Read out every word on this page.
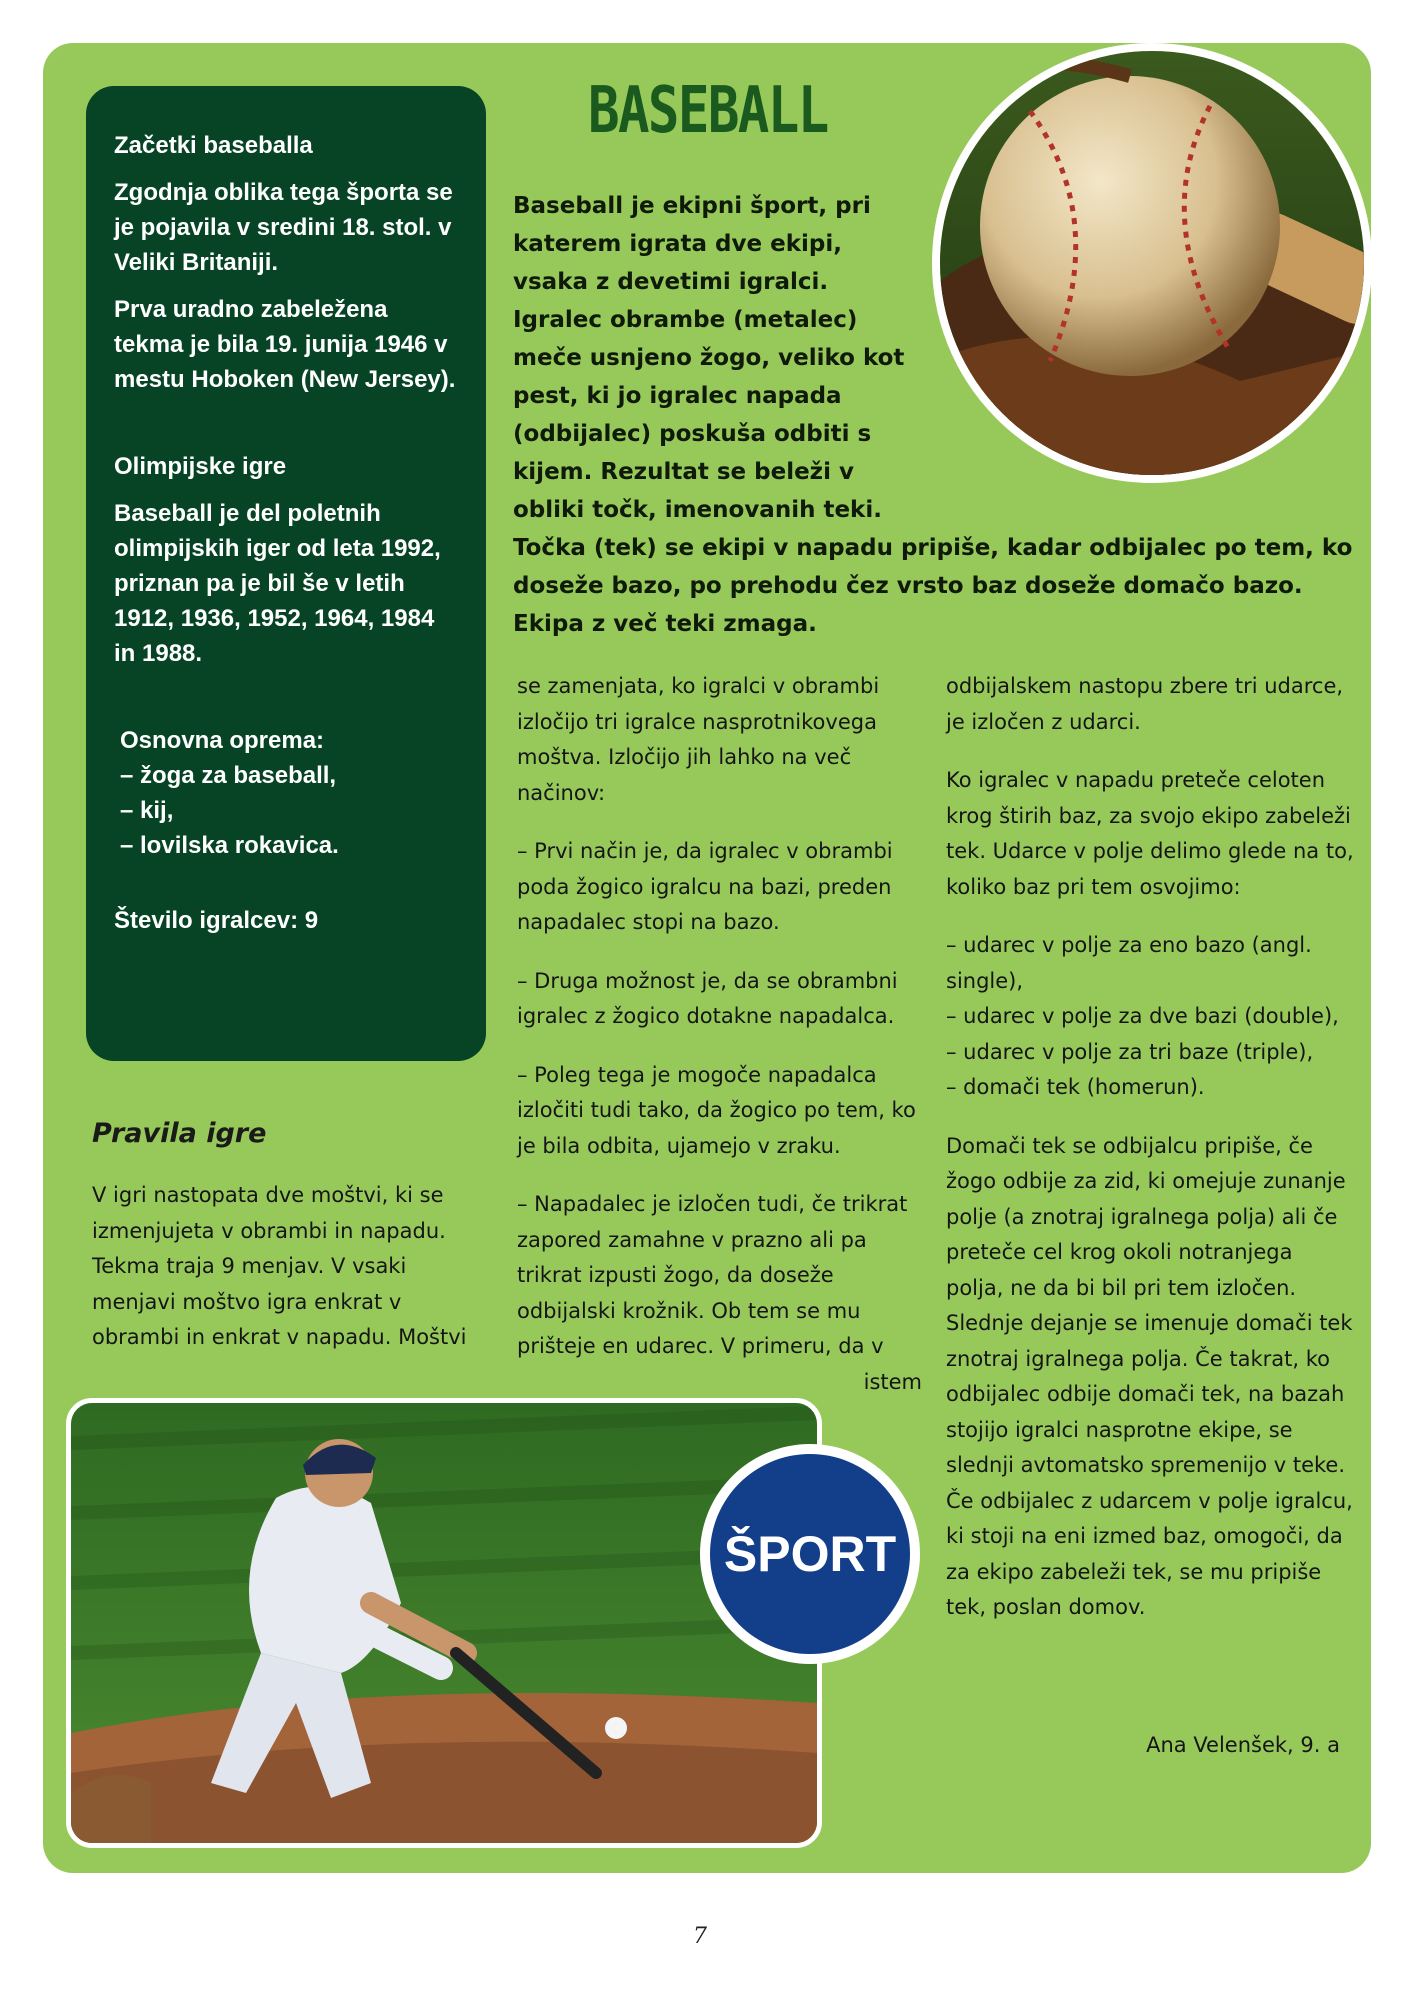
Začetki baseballa

Zgodnja oblika tega športa se je pojavila v sredini 18. stol. v Veliki Britaniji.

Prva uradno zabeležena tekma je bila 19. junija 1946 v mestu Hoboken (New Jersey).

Olimpijske igre

Baseball je del poletnih olimpijskih iger od leta 1992, priznan pa je bil še v letih 1912, 1936, 1952, 1964, 1984 in 1988.

Osnovna oprema:
– žoga za baseball,
– kij,
– lovilska rokavica.

Število igralcev: 9

BASEBALL
Baseball je ekipni šport, pri
katerem igrata dve ekipi,
vsaka z devetimi igralci.
Igralec obrambe (metalec)
meče usnjeno žogo, veliko kot
pest, ki jo igralec napada
(odbijalec) poskuša odbiti s
kijem. Rezultat se beleži v
obliki točk, imenovanih teki.
Točka (tek) se ekipi v napadu pripiše, kadar odbijalec po tem, ko
doseže bazo, po prehodu čez vrsto baz doseže domačo bazo.
Ekipa z več teki zmaga.

se zamenjata, ko igralci v obrambi izločijo tri igralce nasprotnikovega moštva. Izločijo jih lahko na več načinov:

– Prvi način je, da igralec v obrambi poda žogico igralcu na bazi, preden napadalec stopi na bazo.

– Druga možnost je, da se obrambni igralec z žogico dotakne napadalca.

– Poleg tega je mogoče napadalca izločiti tudi tako, da žogico po tem, ko je bila odbita, ujamejo v zraku.

– Napadalec je izločen tudi, če trikrat zapored zamahne v prazno ali pa trikrat izpusti žogo, da doseže odbijalski krožnik. Ob tem se mu prišteje en udarec. V primeru, da v

istem

odbijalskem nastopu zbere tri udarce, je izločen z udarci.

Ko igralec v napadu preteče celoten krog štirih baz, za svojo ekipo zabeleži tek. Udarce v polje delimo glede na to, koliko baz pri tem osvojimo:

– udarec v polje za eno bazo (angl. single),
– udarec v polje za dve bazi (double),
– udarec v polje za tri baze (triple),
– domači tek (homerun).

Domači tek se odbijalcu pripiše, če žogo odbije za zid, ki omejuje zunanje polje (a znotraj igralnega polja) ali če preteče cel krog okoli notranjega polja, ne da bi bil pri tem izločen. Slednje dejanje se imenuje domači tek znotraj igralnega polja. Če takrat, ko odbijalec odbije domači tek, na bazah stojijo igralci nasprotne ekipe, se slednji avtomatsko spremenijo v teke. Če odbijalec z udarcem v polje igralcu, ki stoji na eni izmed baz, omogoči, da za ekipo zabeleži tek, se mu pripiše tek, poslan domov.

Pravila igre
V igri nastopata dve moštvi, ki se izmenjujeta v obrambi in napadu. Tekma traja 9 menjav. V vsaki menjavi moštvo igra enkrat v obrambi in enkrat v napadu. Moštvi
ŠPORT
Ana Velenšek, 9. a
7
